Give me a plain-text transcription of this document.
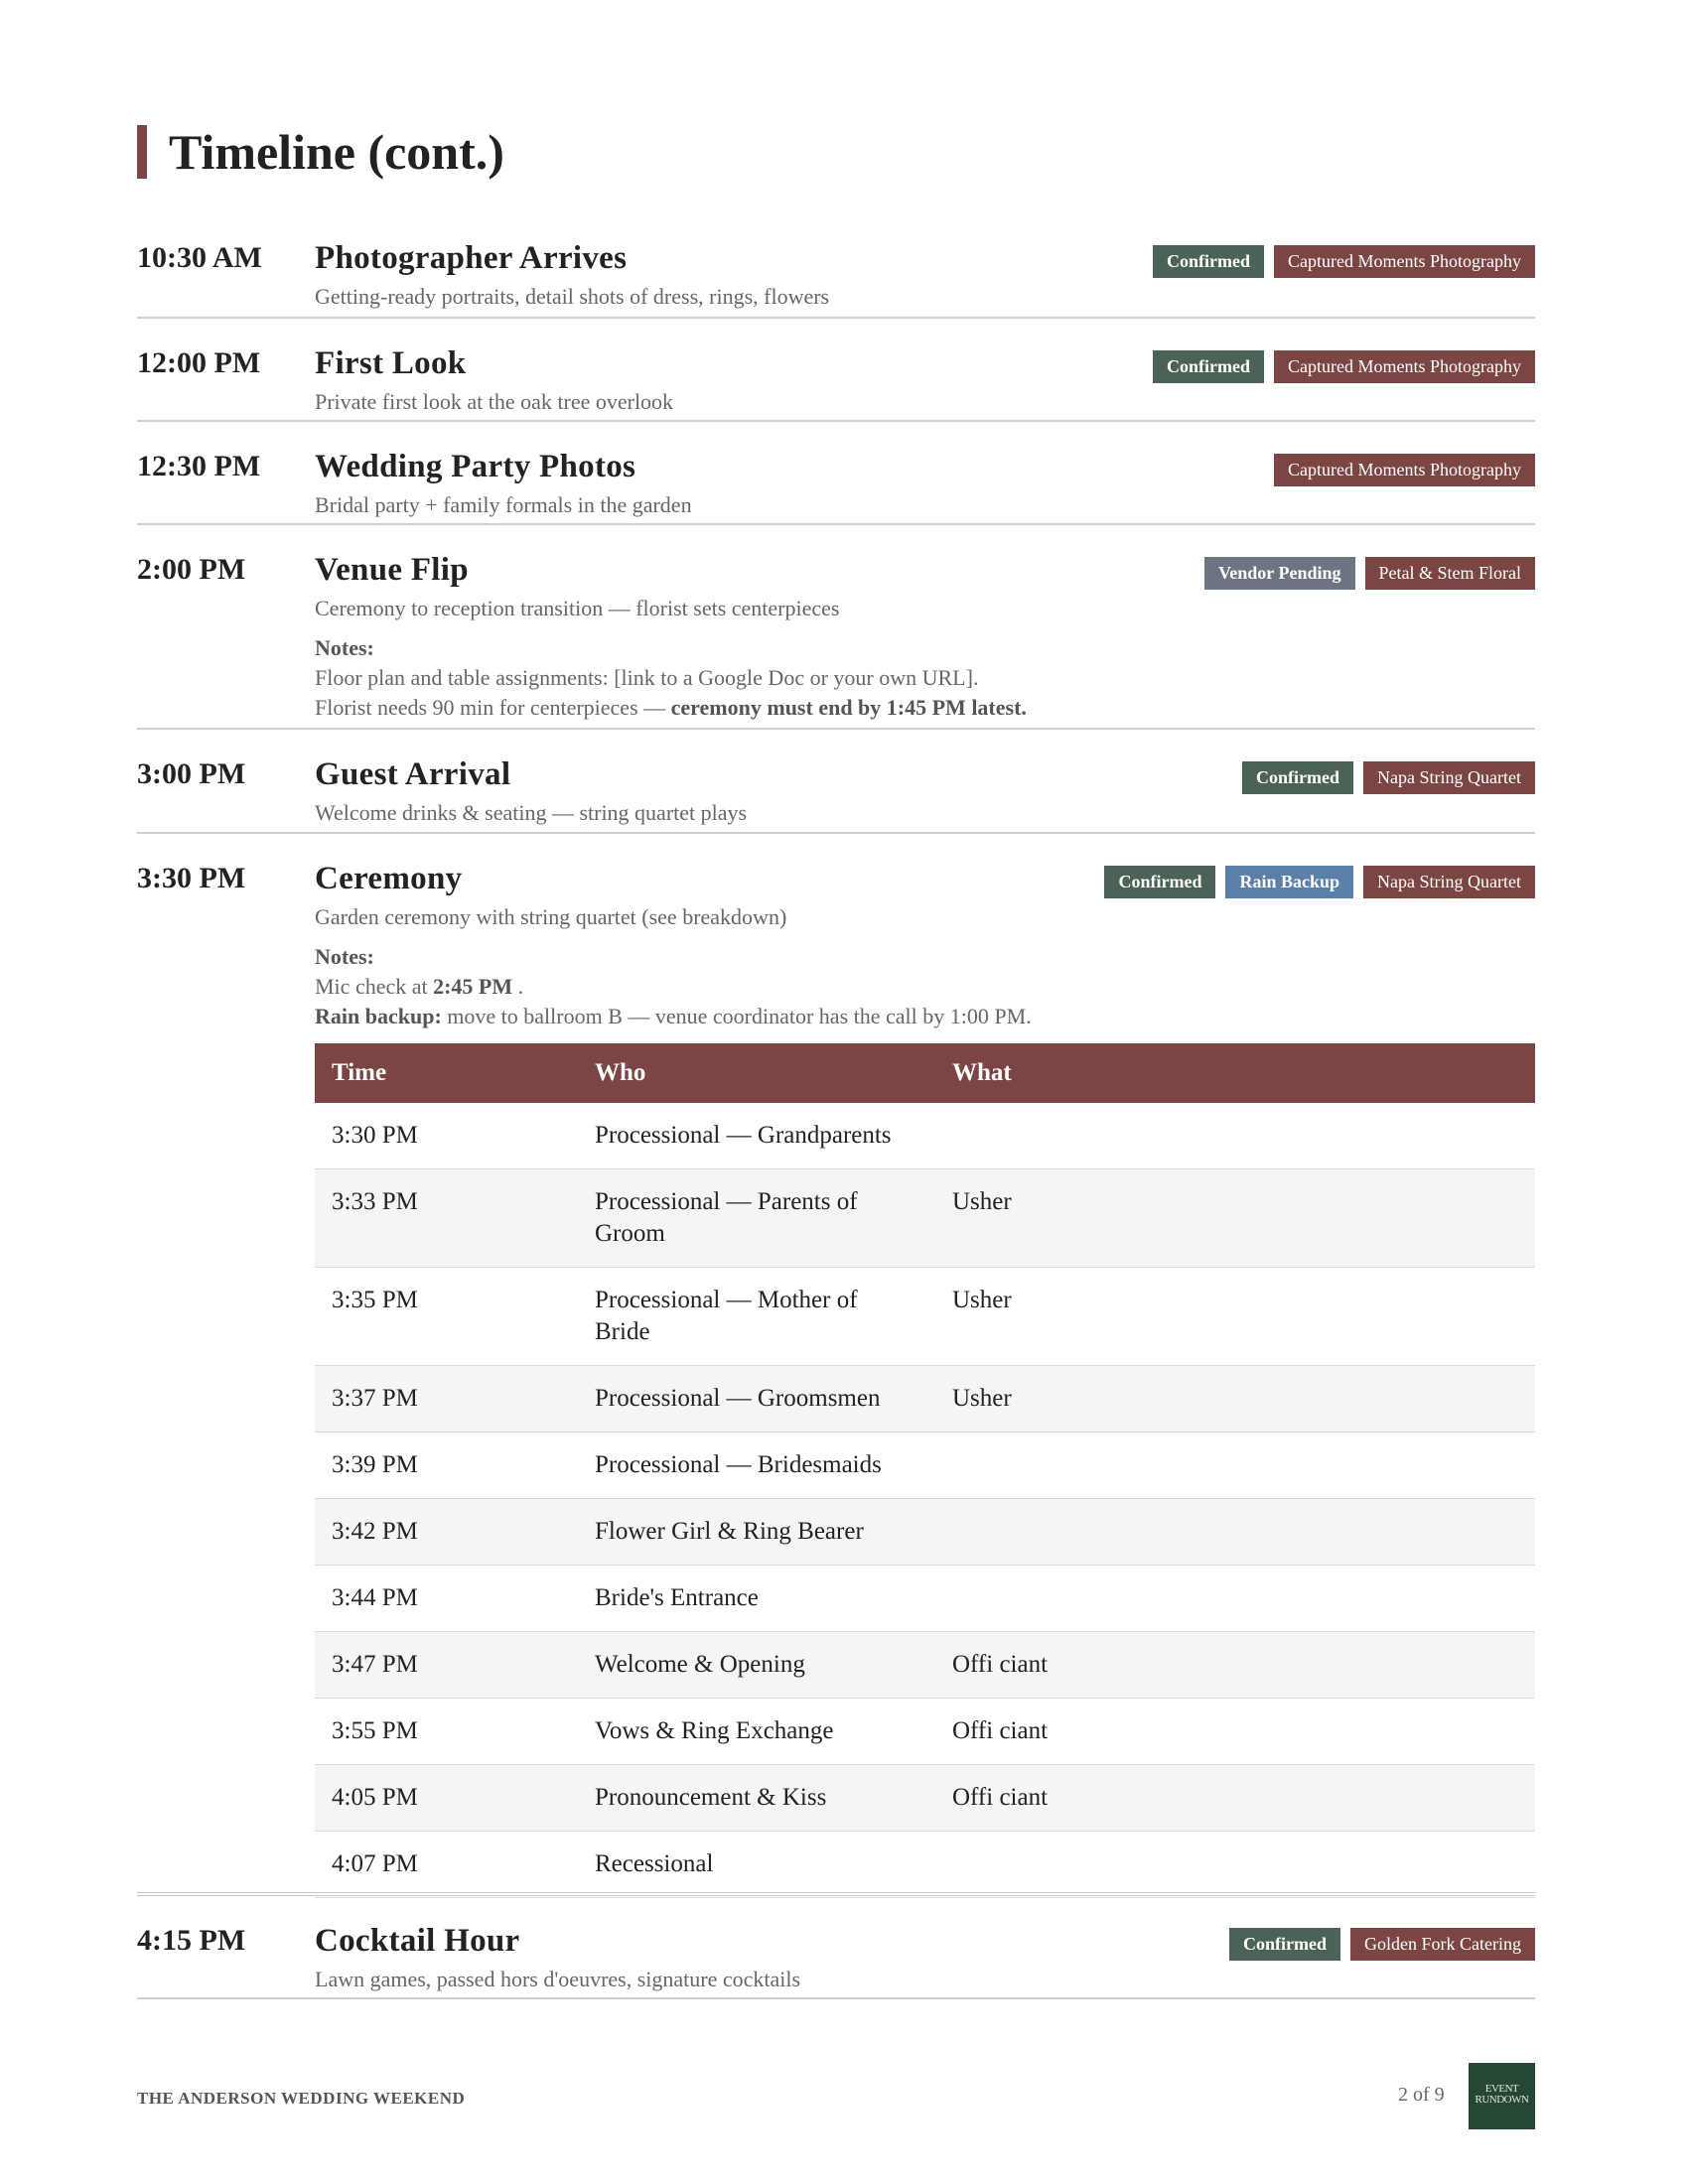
Timeline (cont.)
10:30 AM Photographer Arrives
Getting-ready portraits, detail shots of dress, rings, flowers
Confirmed	Captured Moments Photography
12:00 PM First Look
Private first look at the oak tree overlook
Confirmed	Captured Moments Photography
12:30 PM Wedding Party Photos
Bridal party + family formals in the garden
Captured Moments Photography
2:00 PM Venue Flip
Ceremony to reception transition — florist sets centerpieces
Notes:
Floor plan and table assignments: [link to a Google Doc or your own URL].
Florist needs 90 min for centerpieces — ceremony must end by 1:45 PM latest.
Vendor Pending	Petal & Stem Floral
3:00 PM Guest Arrival
Welcome drinks & seating — string quartet plays
Confirmed	Napa String Quartet
3:30 PM Ceremony
Garden ceremony with string quartet (see breakdown)
Notes:
Mic check at 2:45 PM .
Rain backup: move to ballroom B — venue coordinator has the call by 1:00 PM.
Confirmed	Rain Backup	Napa String Quartet
Time	Who	What
3:30 PM	Processional — Grandparents	
3:33 PM	Processional — Parents of Groom	Usher
3:35 PM	Processional — Mother of Bride	Usher
3:37 PM	Processional — Groomsmen	Usher
3:39 PM	Processional — Bridesmaids	
3:42 PM	Flower Girl & Ring Bearer	
3:44 PM	Bride's Entrance	
3:47 PM	Welcome & Opening	Offi ciant
3:55 PM	Vows & Ring Exchange	Offi ciant
4:05 PM	Pronouncement & Kiss	Offi ciant
4:07 PM	Recessional	
4:15 PM Cocktail Hour
Lawn games, passed hors d'oeuvres, signature cocktails
Confirmed	Golden Fork Catering
THE ANDERSON WEDDING WEEKEND	2 of 9	EVENT
RUNDOWN
